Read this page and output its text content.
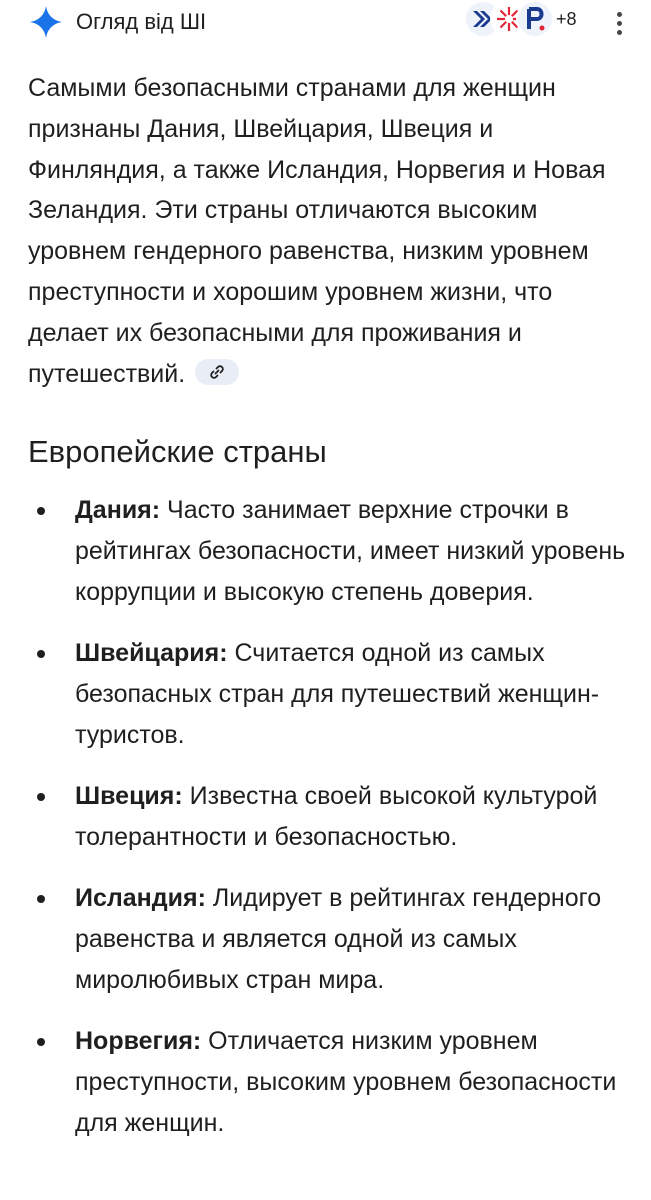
Огляд від ШІ	+8
Самыми безопасными странами для женщин признаны Дания, Швейцария, Швеция и Финляндия, а также Исландия, Норвегия и Новая Зеландия. Эти страны отличаются высоким уровнем гендерного равенства, низким уровнем преступности и хорошим уровнем жизни, что делает их безопасными для проживания и путешествий.
Европейские страны
Дания: Часто занимает верхние строчки в рейтингах безопасности, имеет низкий уровень коррупции и высокую степень доверия.
Швейцария: Считается одной из самых безопасных стран для путешествий женщин-туристов.
Швеция: Известна своей высокой культурой толерантности и безопасностью.
Исландия: Лидирует в рейтингах гендерного равенства и является одной из самых миролюбивых стран мира.
Норвегия: Отличается низким уровнем преступности, высоким уровнем безопасности для женщин.
